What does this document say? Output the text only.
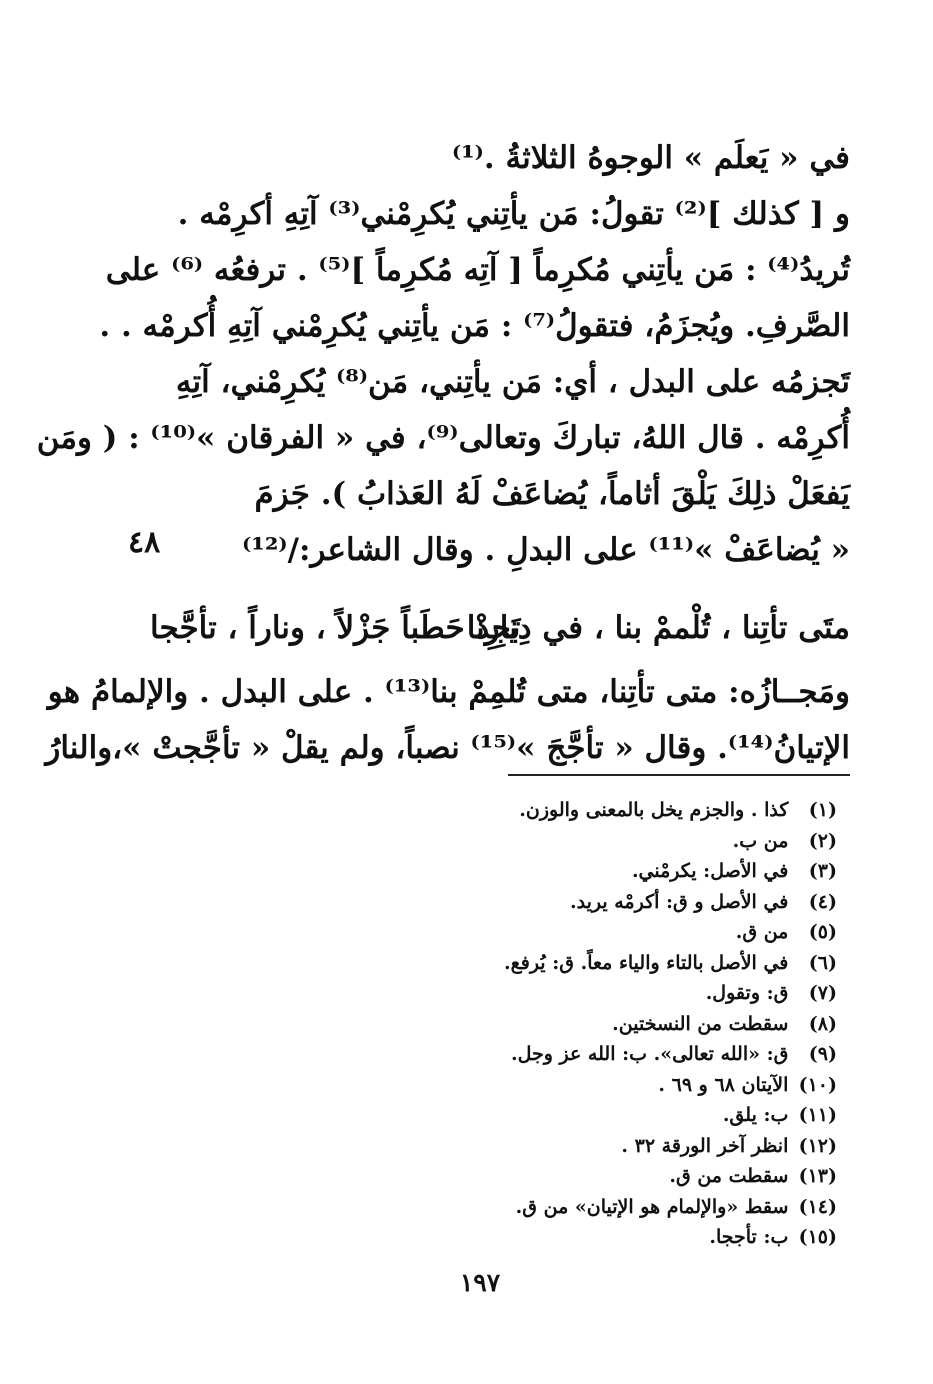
في « يَعلَم » الوجوهُ الثلاثةُ .⁽¹⁾
و [ كذلك ]⁽²⁾ تقولُ: مَن يأتِني يُكرِمْني⁽³⁾ آتِهِ أكرِمْه .
تُريدُ⁽⁴⁾ : مَن يأتِني مُكرِماً [ آتِه مُكرِماً ]⁽⁵⁾ . ترفعُه ⁽⁶⁾ على
الصَّرفِ. ويُجزَمُ، فتقولُ⁽⁷⁾ : مَن يأتِني يُكرِمْني آتِهِ أُكرمْه . .
تَجزمُه على البدل ، أي: مَن يأتِني، مَن⁽⁸⁾ يُكرِمْني، آتِهِ
أُكرِمْه . قال اللهُ، تباركَ وتعالى⁽⁹⁾، في « الفرقان »⁽¹⁰⁾ : ( ومَن
يَفعَلْ ذلِكَ يَلْقَ أثاماً، يُضاعَفْ لَهُ العَذابُ ). جَزمَ
« يُضاعَفْ »⁽¹¹⁾ على البدلِ . وقال الشاعر:/⁽¹²⁾
٤٨
متَى تأتِنا ، تُلْممْ بنا ، في دِيارِنا
تَجِدْ حَطَباً جَزْلاً ، وناراً ، تأجَّجا
ومَجــازُه: متى تأتِنا، متى تُلمِمْ بنا⁽¹³⁾ . على البدل . والإلمامُ هو
الإتيانُ⁽¹⁴⁾. وقال « تأجَّجَ »⁽¹⁵⁾ نصباً، ولم يقلْ « تأجَّجتْ »،والنارُ
(١) كذا . والجزم يخل بالمعنى والوزن.
(٢) من ب.
(٣) في الأصل: يكرمْني.
(٤) في الأصل و ق: أكرمْه يريد.
(٥) من ق.
(٦) في الأصل بالتاء والياء معاً. ق: يُرفع.
(٧) ق: وتقول.
(٨) سقطت من النسختين.
(٩) ق: «الله تعالى». ب: الله عز وجل.
(١٠) الآيتان ٦٨ و ٦٩ .
(١١) ب: يلق.
(١٢) انظر آخر الورقة ٣٢ .
(١٣) سقطت من ق.
(١٤) سقط «والإلمام هو الإتيان» من ق.
(١٥) ب: تأججا.
١٩٧
